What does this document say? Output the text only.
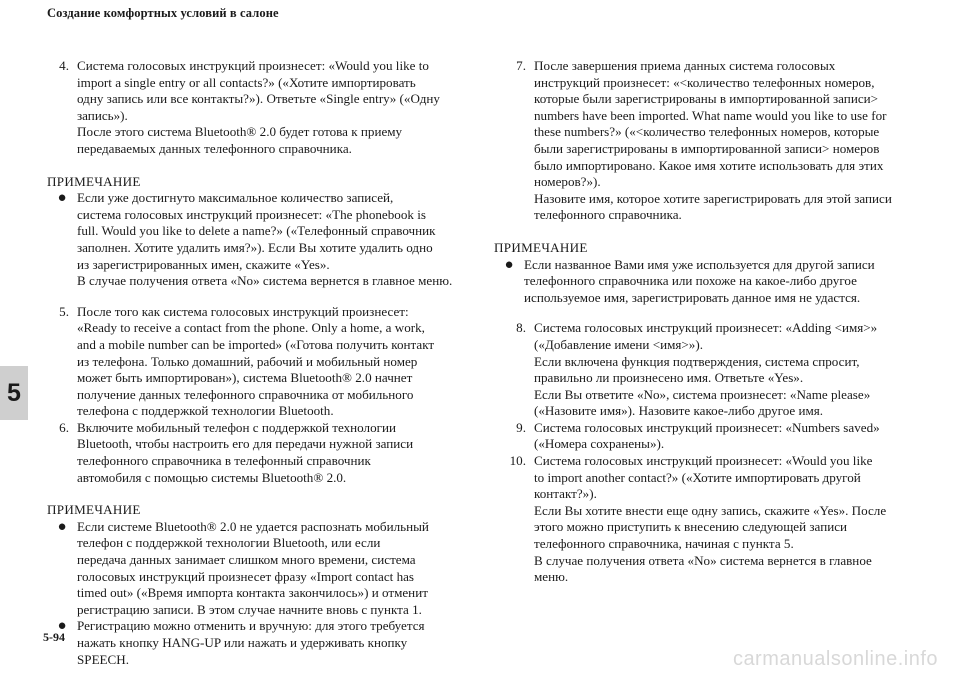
Создание комфортных условий в салоне
5
4. Система голосовых инструкций произнесет: «Would you like to
import a single entry or all contacts?» («Хотите импортировать
одну запись или все контакты?»). Ответьте «Single entry» («Одну
запись»).
После этого система Bluetooth® 2.0 будет готова к приему
передаваемых данных телефонного справочника.
ПРИМЕЧАНИЕ
● Если уже достигнуто максимальное количество записей,
система голосовых инструкций произнесет: «The phonebook is
full. Would you like to delete a name?» («Телефонный справочник
заполнен. Хотите удалить имя?»). Если Вы хотите удалить одно
из зарегистрированных имен, скажите «Yes».
В случае получения ответа «No» система вернется в главное меню.
5. После того как система голосовых инструкций произнесет:
«Ready to receive a contact from the phone. Only a home, a work,
and a mobile number can be imported» («Готова получить контакт
из телефона. Только домашний, рабочий и мобильный номер
может быть импортирован»), система Bluetooth® 2.0 начнет
получение данных телефонного справочника от мобильного
телефона с поддержкой технологии Bluetooth.
6. Включите мобильный телефон с поддержкой технологии
Bluetooth, чтобы настроить его для передачи нужной записи
телефонного справочника в телефонный справочник
автомобиля с помощью системы Bluetooth® 2.0.
ПРИМЕЧАНИЕ
● Если системе Bluetooth® 2.0 не удается распознать мобильный
телефон с поддержкой технологии Bluetooth, или если
передача данных занимает слишком много времени, система
голосовых инструкций произнесет фразу «Import contact has
timed out» («Время импорта контакта закончилось») и отменит
регистрацию записи. В этом случае начните вновь с пункта 1.
● Регистрацию можно отменить и вручную: для этого требуется
нажать кнопку HANG-UP или нажать и удерживать кнопку
SPEECH.
7. После завершения приема данных система голосовых
инструкций произнесет: «<количество телефонных номеров,
которые были зарегистрированы в импортированной записи>
numbers have been imported. What name would you like to use for
these numbers?» («<количество телефонных номеров, которые
были зарегистрированы в импортированной записи> номеров
было импортировано. Какое имя хотите использовать для этих
номеров?»).
Назовите имя, которое хотите зарегистрировать для этой записи
телефонного справочника.
ПРИМЕЧАНИЕ
● Если названное Вами имя уже используется для другой записи
телефонного справочника или похоже на какое-либо другое
используемое имя, зарегистрировать данное имя не удастся.
8. Система голосовых инструкций произнесет: «Adding <имя>»
(«Добавление имени <имя>»).
Если включена функция подтверждения, система спросит,
правильно ли произнесено имя. Ответьте «Yes».
Если Вы ответите «No», система произнесет: «Name please»
(«Назовите имя»). Назовите какое-либо другое имя.
9. Система голосовых инструкций произнесет: «Numbers saved»
(«Номера сохранены»).
10. Система голосовых инструкций произнесет: «Would you like
to import another contact?» («Хотите импортировать другой
контакт?»).
Если Вы хотите внести еще одну запись, скажите «Yes». После
этого можно приступить к внесению следующей записи
телефонного справочника, начиная с пункта 5.
В случае получения ответа «No» система вернется в главное
меню.
5-94
carmanualsonline.info
